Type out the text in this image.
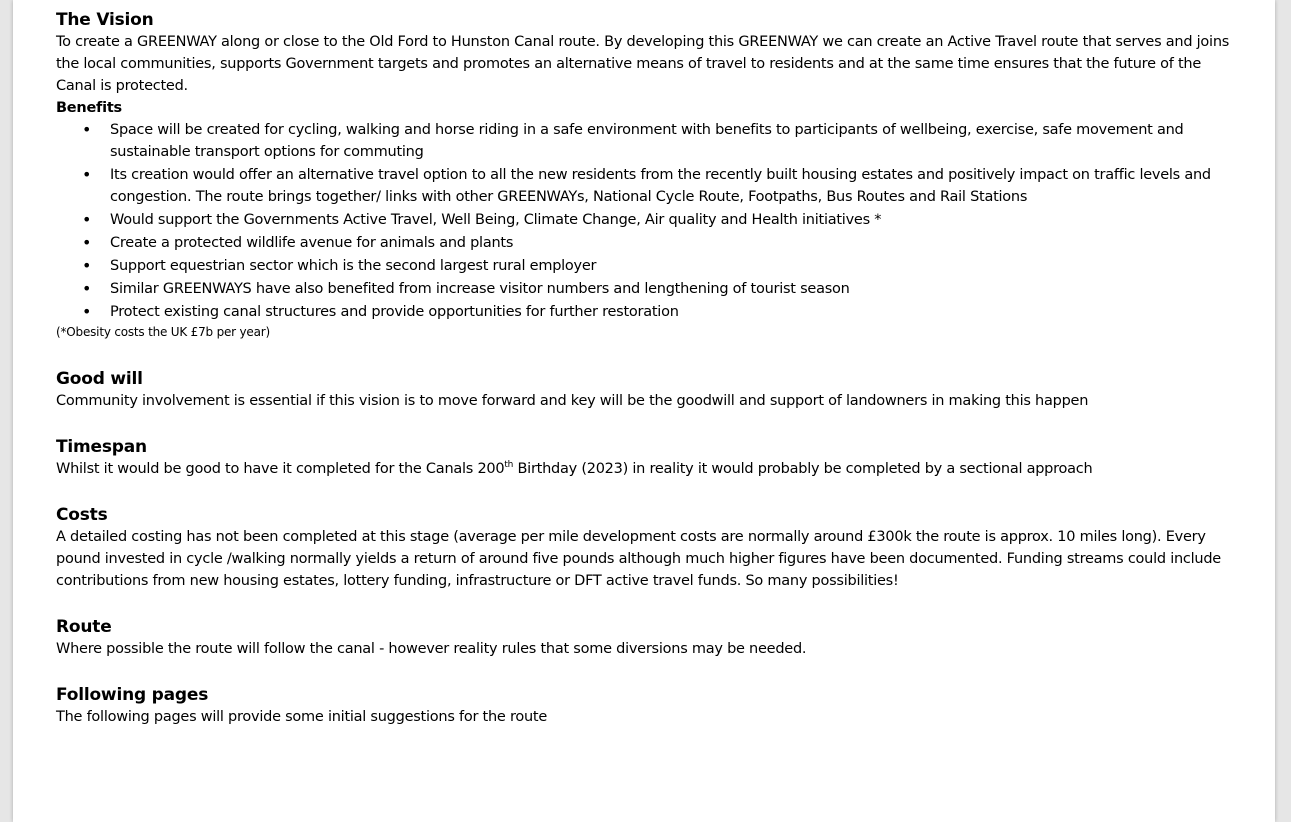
The Vision

To create a GREENWAY along or close to the Old Ford to Hunston Canal route. By developing this GREENWAY we can create an Active Travel route that serves and joins the local communities, supports Government targets and promotes an alternative means of travel to residents and at the same time ensures that the future of the Canal is protected.

Benefits
• Space will be created for cycling, walking and horse riding in a safe environment with benefits to participants of wellbeing, exercise, safe movement and sustainable transport options for commuting
• Its creation would offer an alternative travel option to all the new residents from the recently built housing estates and positively impact on traffic levels and congestion. The route brings together/ links with other GREENWAYs, National Cycle Route, Footpaths, Bus Routes and Rail Stations
• Would support the Governments Active Travel, Well Being, Climate Change, Air quality and Health initiatives *
• Create a protected wildlife avenue for animals and plants
• Support equestrian sector which is the second largest rural employer
• Similar GREENWAYS have also benefited from increase visitor numbers and lengthening of tourist season
• Protect existing canal structures and provide opportunities for further restoration
(*Obesity costs the UK £7b per year)
Good will

Community involvement is essential if this vision is to move forward and key will be the goodwill and support of landowners in making this happen

Timespan

Whilst it would be good to have it completed for the Canals 200th Birthday (2023) in reality it would probably be completed by a sectional approach

Costs

A detailed costing has not been completed at this stage (average per mile development costs are normally around £300k the route is approx. 10 miles long). Every pound invested in cycle /walking normally yields a return of around five pounds although much higher figures have been documented. Funding streams could include contributions from new housing estates, lottery funding, infrastructure or DFT active travel funds. So many possibilities!

Route

Where possible the route will follow the canal - however reality rules that some diversions may be needed.

Following pages

The following pages will provide some initial suggestions for the route
